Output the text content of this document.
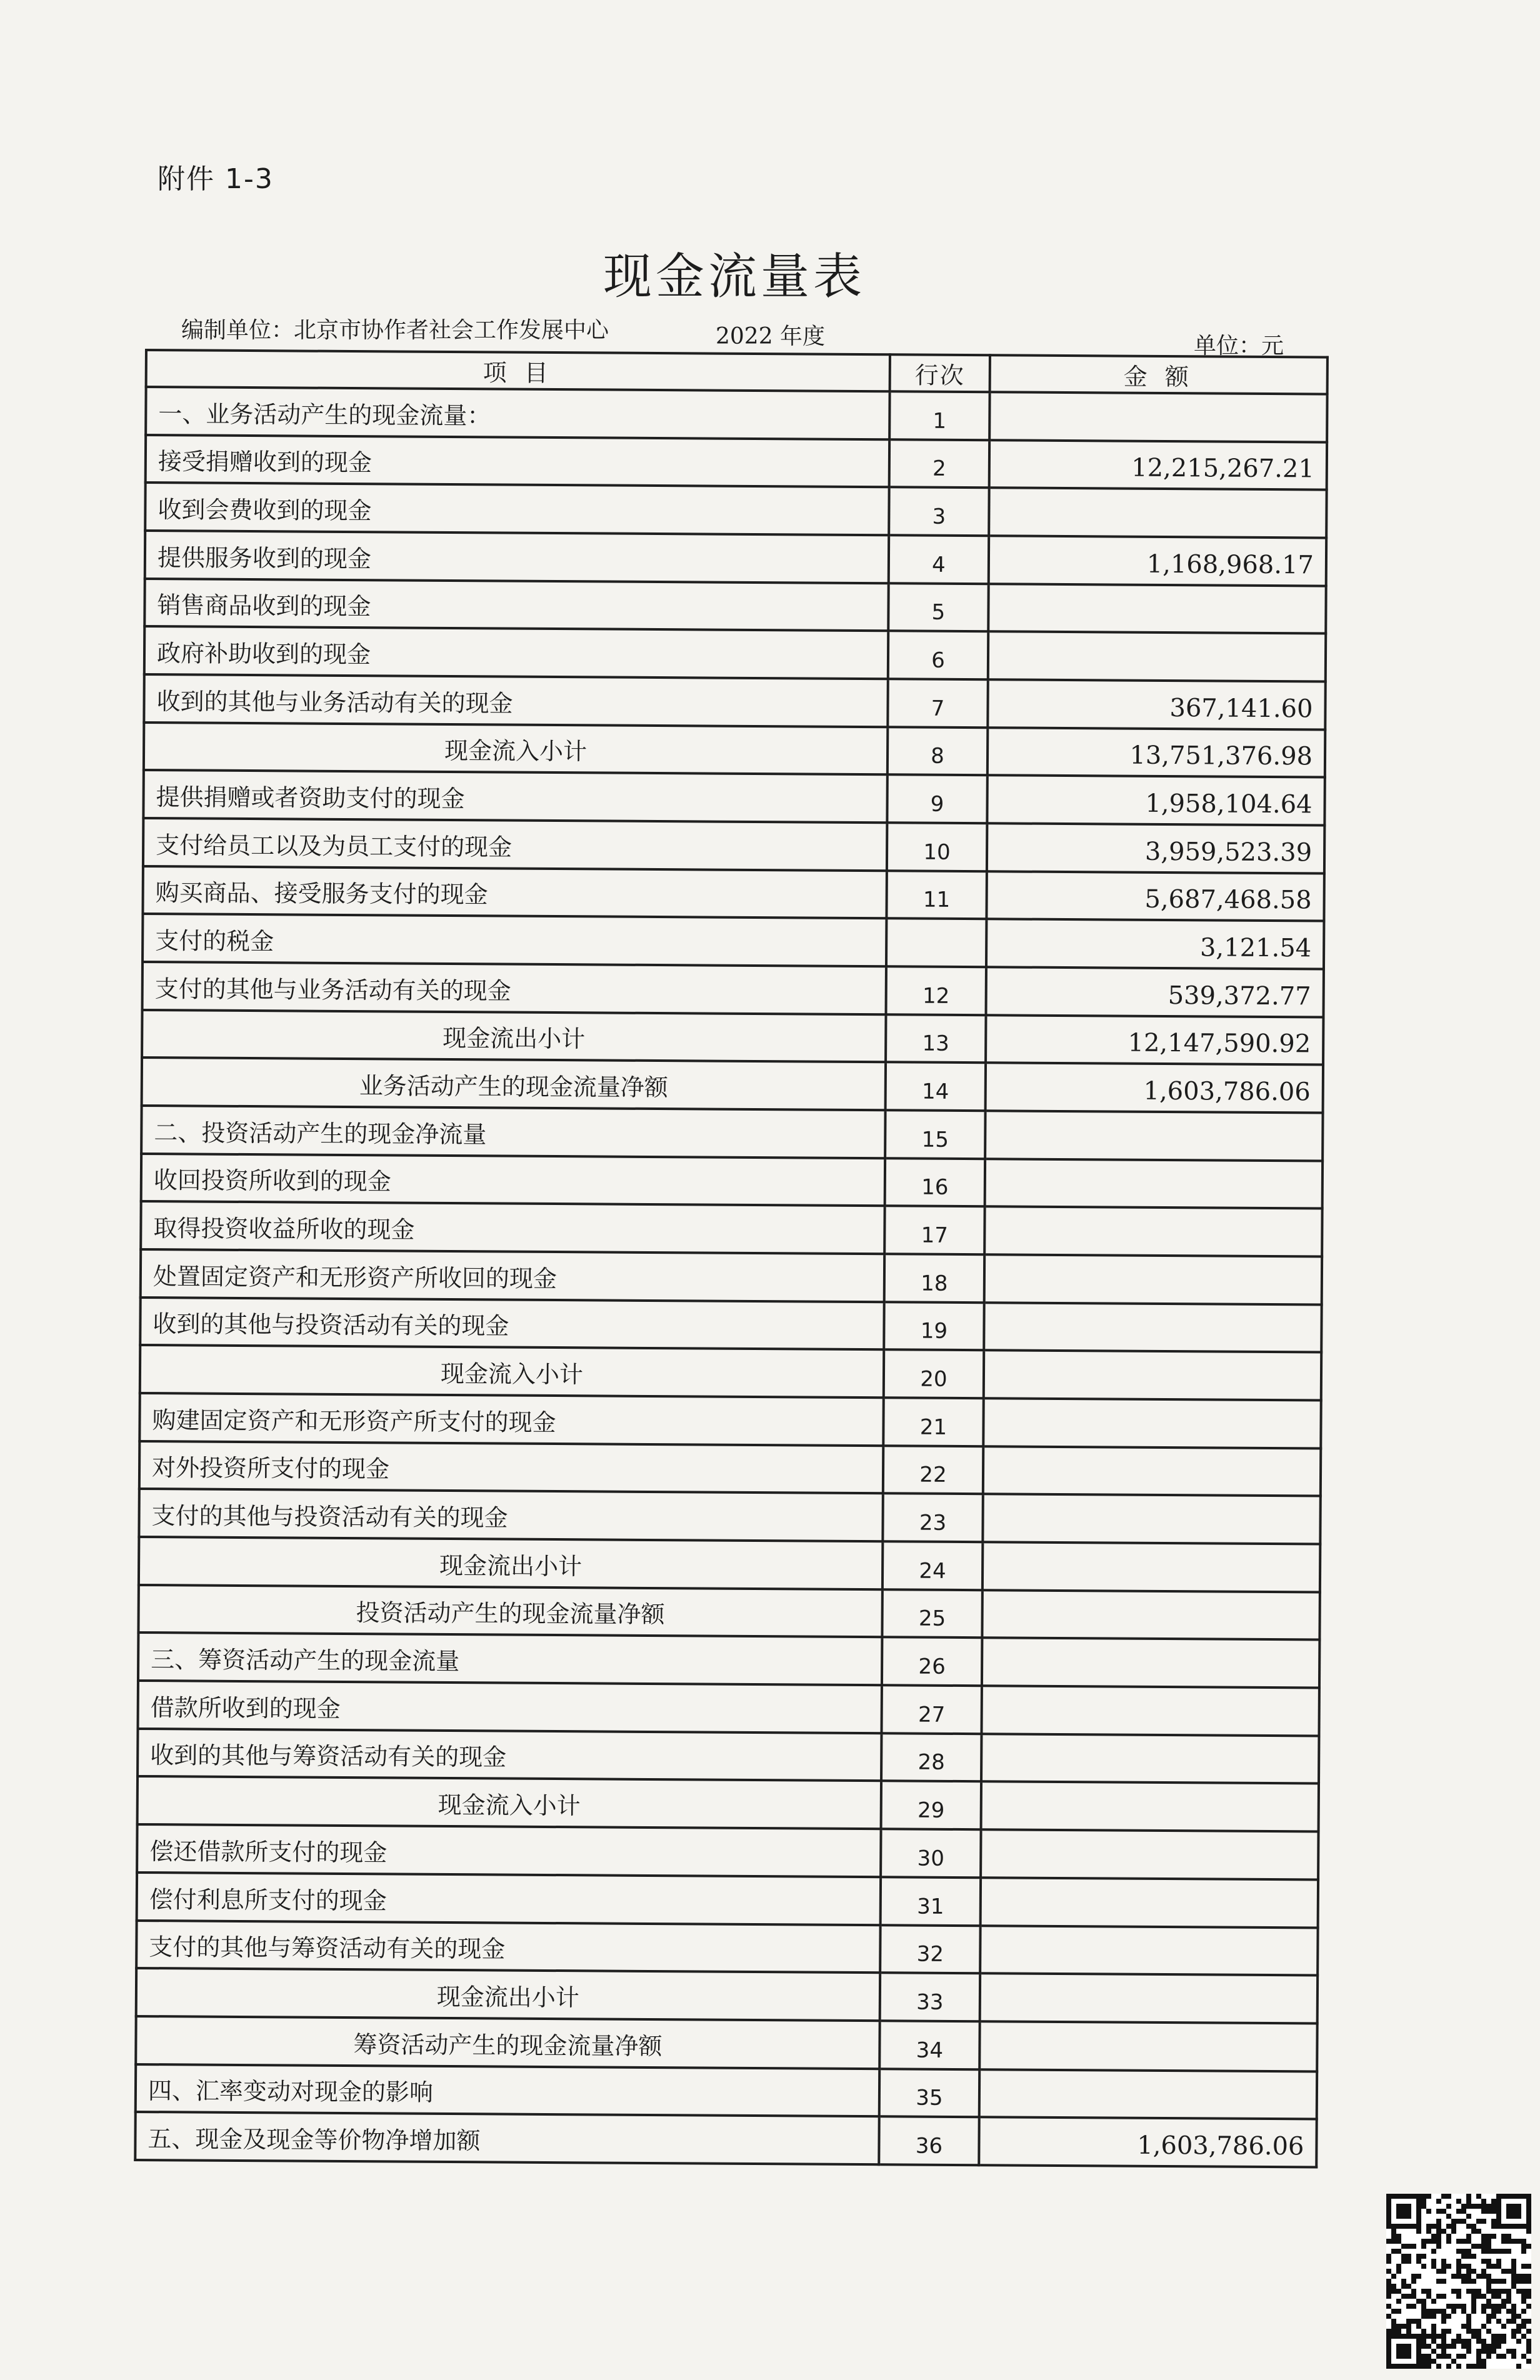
附件 1-3
现金流量表
编制单位：北京市协作者社会工作发展中心	2022 年度	单位：元
项 目	行次	金 额
一、业务活动产生的现金流量：	1	
接受捐赠收到的现金	2	12,215,267.21
收到会费收到的现金	3	
提供服务收到的现金	4	1,168,968.17
销售商品收到的现金	5	
政府补助收到的现金	6	
收到的其他与业务活动有关的现金	7	367,141.60
现金流入小计	8	13,751,376.98
提供捐赠或者资助支付的现金	9	1,958,104.64
支付给员工以及为员工支付的现金	10	3,959,523.39
购买商品、接受服务支付的现金	11	5,687,468.58
支付的税金		3,121.54
支付的其他与业务活动有关的现金	12	539,372.77
现金流出小计	13	12,147,590.92
业务活动产生的现金流量净额	14	1,603,786.06
二、投资活动产生的现金净流量	15	
收回投资所收到的现金	16	
取得投资收益所收的现金	17	
处置固定资产和无形资产所收回的现金	18	
收到的其他与投资活动有关的现金	19	
现金流入小计	20	
购建固定资产和无形资产所支付的现金	21	
对外投资所支付的现金	22	
支付的其他与投资活动有关的现金	23	
现金流出小计	24	
投资活动产生的现金流量净额	25	
三、筹资活动产生的现金流量	26	
借款所收到的现金	27	
收到的其他与筹资活动有关的现金	28	
现金流入小计	29	
偿还借款所支付的现金	30	
偿付利息所支付的现金	31	
支付的其他与筹资活动有关的现金	32	
现金流出小计	33	
筹资活动产生的现金流量净额	34	
四、汇率变动对现金的影响	35	
五、现金及现金等价物净增加额	36	1,603,786.06
